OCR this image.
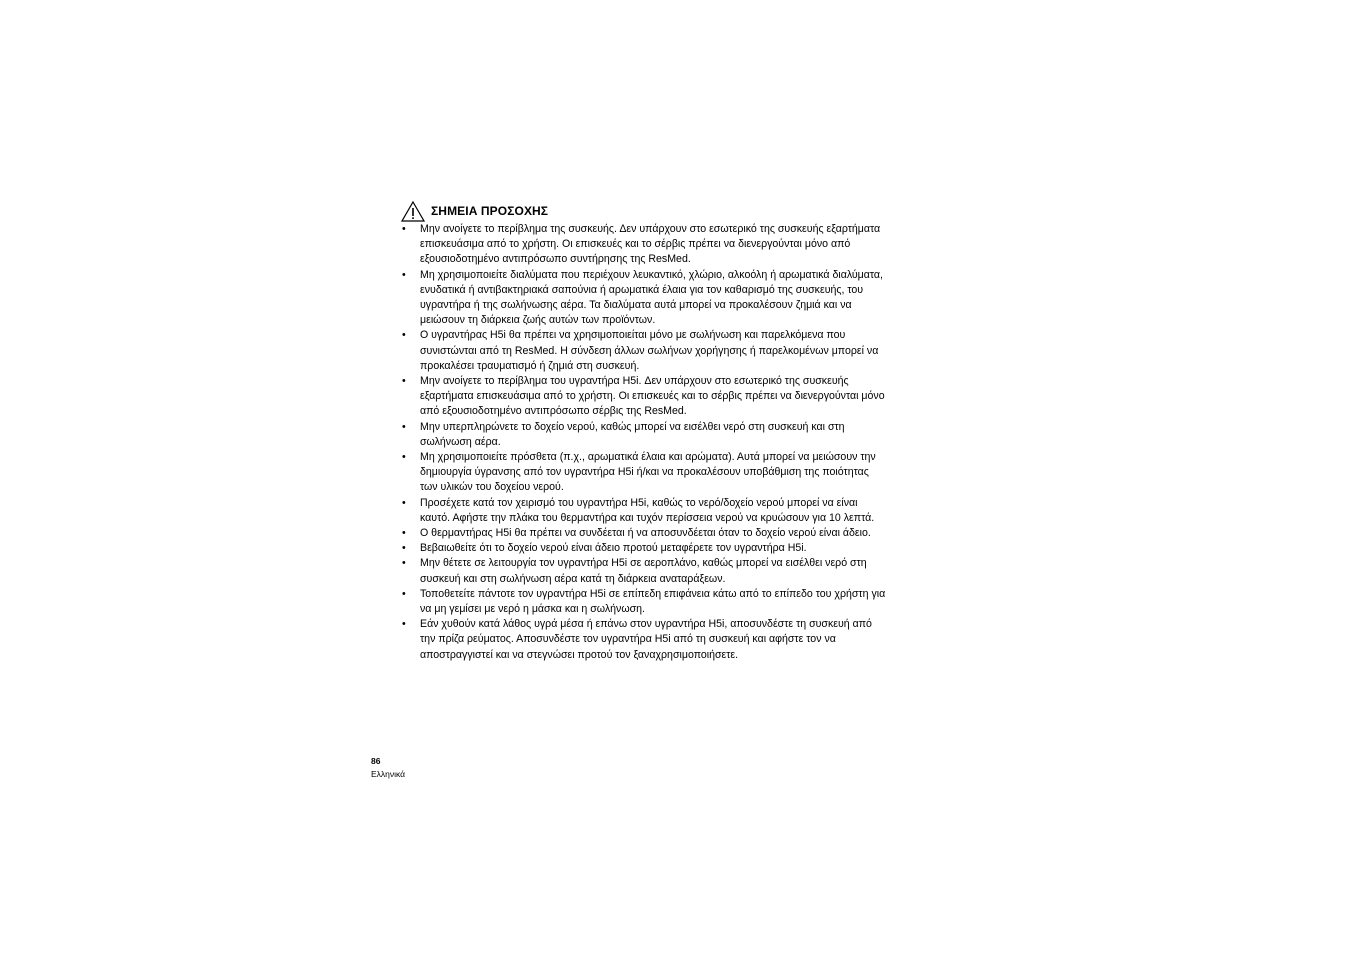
ΣΗΜΕΙΑ ΠΡΟΣΟΧΗΣ
• Μην ανοίγετε το περίβλημα της συσκευής. Δεν υπάρχουν στο εσωτερικό της συσκευής εξαρτήματα
επισκευάσιμα από το χρήστη. Οι επισκευές και το σέρβις πρέπει να διενεργούνται μόνο από
εξουσιοδοτημένο αντιπρόσωπο συντήρησης της ResMed.
• Μη χρησιμοποιείτε διαλύματα που περιέχουν λευκαντικό, χλώριο, αλκοόλη ή αρωματικά διαλύματα,
ενυδατικά ή αντιβακτηριακά σαπούνια ή αρωματικά έλαια για τον καθαρισμό της συσκευής, του
υγραντήρα ή της σωλήνωσης αέρα. Τα διαλύματα αυτά μπορεί να προκαλέσουν ζημιά και να
μειώσουν τη διάρκεια ζωής αυτών των προϊόντων.
• Ο υγραντήρας H5i θα πρέπει να χρησιμοποιείται μόνο με σωλήνωση και παρελκόμενα που
συνιστώνται από τη ResMed. Η σύνδεση άλλων σωλήνων χορήγησης ή παρελκομένων μπορεί να
προκαλέσει τραυματισμό ή ζημιά στη συσκευή.
• Μην ανοίγετε το περίβλημα του υγραντήρα H5i. Δεν υπάρχουν στο εσωτερικό της συσκευής
εξαρτήματα επισκευάσιμα από το χρήστη. Οι επισκευές και το σέρβις πρέπει να διενεργούνται μόνο
από εξουσιοδοτημένο αντιπρόσωπο σέρβις της ResMed.
• Μην υπερπληρώνετε το δοχείο νερού, καθώς μπορεί να εισέλθει νερό στη συσκευή και στη
σωλήνωση αέρα.
• Μη χρησιμοποιείτε πρόσθετα (π.χ., αρωματικά έλαια και αρώματα). Αυτά μπορεί να μειώσουν την
δημιουργία ύγρανσης από τον υγραντήρα H5i ή/και να προκαλέσουν υποβάθμιση της ποιότητας
των υλικών του δοχείου νερού.
• Προσέχετε κατά τον χειρισμό του υγραντήρα H5i, καθώς το νερό/δοχείο νερού μπορεί να είναι
καυτό. Αφήστε την πλάκα του θερμαντήρα και τυχόν περίσσεια νερού να κρυώσουν για 10 λεπτά.
• Ο θερμαντήρας H5i θα πρέπει να συνδέεται ή να αποσυνδέεται όταν το δοχείο νερού είναι άδειο.
• Βεβαιωθείτε ότι το δοχείο νερού είναι άδειο προτού μεταφέρετε τον υγραντήρα H5i.
• Μην θέτετε σε λειτουργία τον υγραντήρα H5i σε αεροπλάνο, καθώς μπορεί να εισέλθει νερό στη
συσκευή και στη σωλήνωση αέρα κατά τη διάρκεια αναταράξεων.
• Τοποθετείτε πάντοτε τον υγραντήρα H5i σε επίπεδη επιφάνεια κάτω από το επίπεδο του χρήστη για
να μη γεμίσει με νερό η μάσκα και η σωλήνωση.
• Εάν χυθούν κατά λάθος υγρά μέσα ή επάνω στον υγραντήρα H5i, αποσυνδέστε τη συσκευή από
την πρίζα ρεύματος. Αποσυνδέστε τον υγραντήρα H5i από τη συσκευή και αφήστε τον να
αποστραγγιστεί και να στεγνώσει προτού τον ξαναχρησιμοποιήσετε.
86
Ελληνικά
